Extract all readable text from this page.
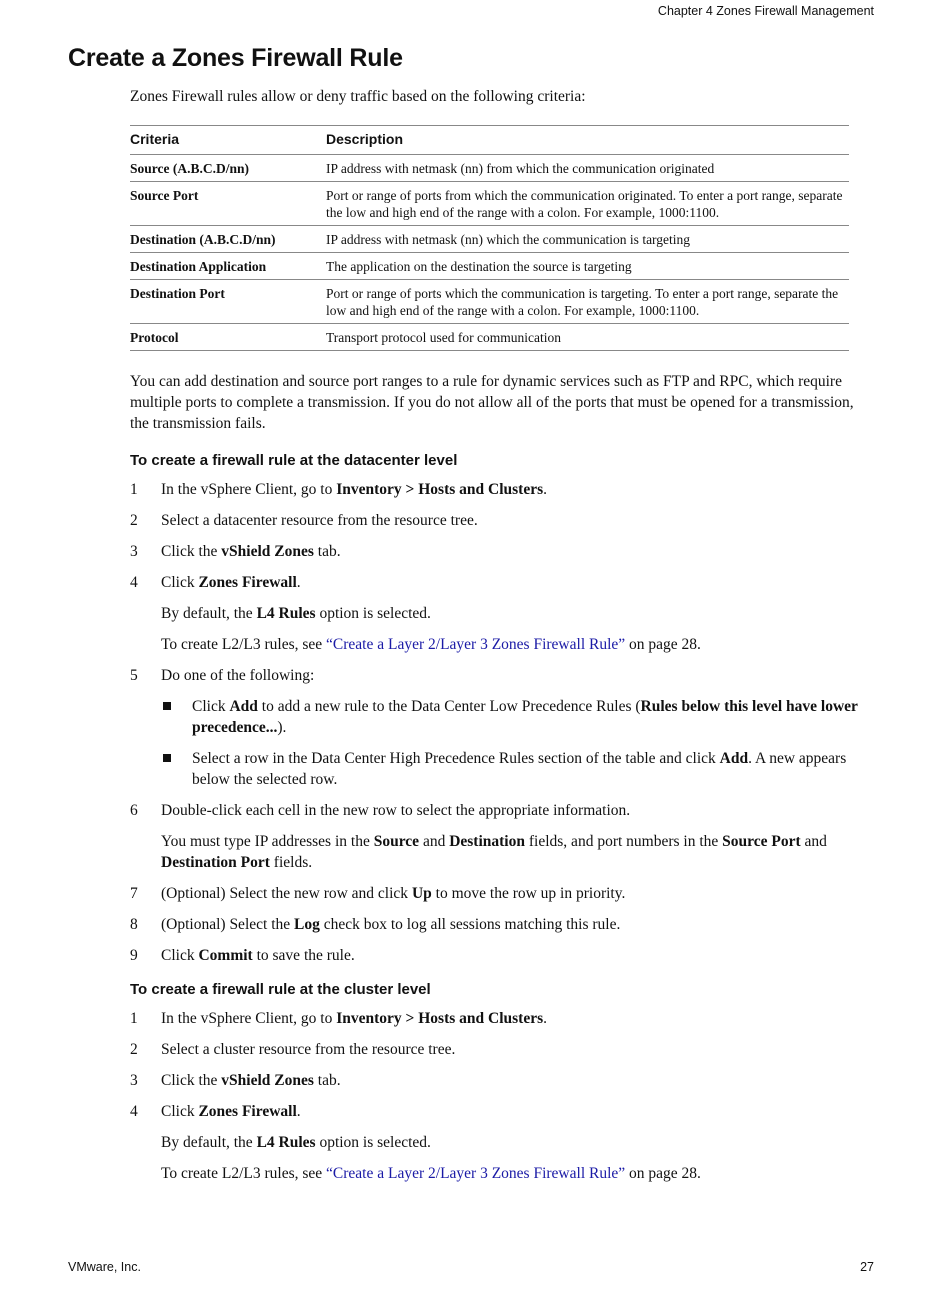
Chapter 4 Zones Firewall Management
Create a Zones Firewall Rule

Zones Firewall rules allow or deny traffic based on the following criteria:

Criteria	Description
Source (A.B.C.D/nn)	IP address with netmask (nn) from which the communication originated
Source Port	Port or range of ports from which the communication originated. To enter a port range, separate the low and high end of the range with a colon. For example, 1000:1100.
Destination (A.B.C.D/nn)	IP address with netmask (nn) which the communication is targeting
Destination Application	The application on the destination the source is targeting
Destination Port	Port or range of ports which the communication is targeting. To enter a port range, separate the low and high end of the range with a colon. For example, 1000:1100.
Protocol	Transport protocol used for communication

You can add destination and source port ranges to a rule for dynamic services such as FTP and RPC, which require multiple ports to complete a transmission. If you do not allow all of the ports that must be opened for a transmission, the transmission fails.

To create a firewall rule at the datacenter level
1 In the vSphere Client, go to Inventory > Hosts and Clusters.
2 Select a datacenter resource from the resource tree.
3 Click the vShield Zones tab.
4 Click Zones Firewall.
By default, the L4 Rules option is selected.
To create L2/L3 rules, see “Create a Layer 2/Layer 3 Zones Firewall Rule” on page 28.
5 Do one of the following:
Click Add to add a new rule to the Data Center Low Precedence Rules (Rules below this level have lower precedence...).
Select a row in the Data Center High Precedence Rules section of the table and click Add. A new appears below the selected row.
6 Double-click each cell in the new row to select the appropriate information.
You must type IP addresses in the Source and Destination fields, and port numbers in the Source Port and Destination Port fields.
7 (Optional) Select the new row and click Up to move the row up in priority.
8 (Optional) Select the Log check box to log all sessions matching this rule.
9 Click Commit to save the rule.
To create a firewall rule at the cluster level
1 In the vSphere Client, go to Inventory > Hosts and Clusters.
2 Select a cluster resource from the resource tree.
3 Click the vShield Zones tab.
4 Click Zones Firewall.
By default, the L4 Rules option is selected.
To create L2/L3 rules, see “Create a Layer 2/Layer 3 Zones Firewall Rule” on page 28.
VMware, Inc.	27
